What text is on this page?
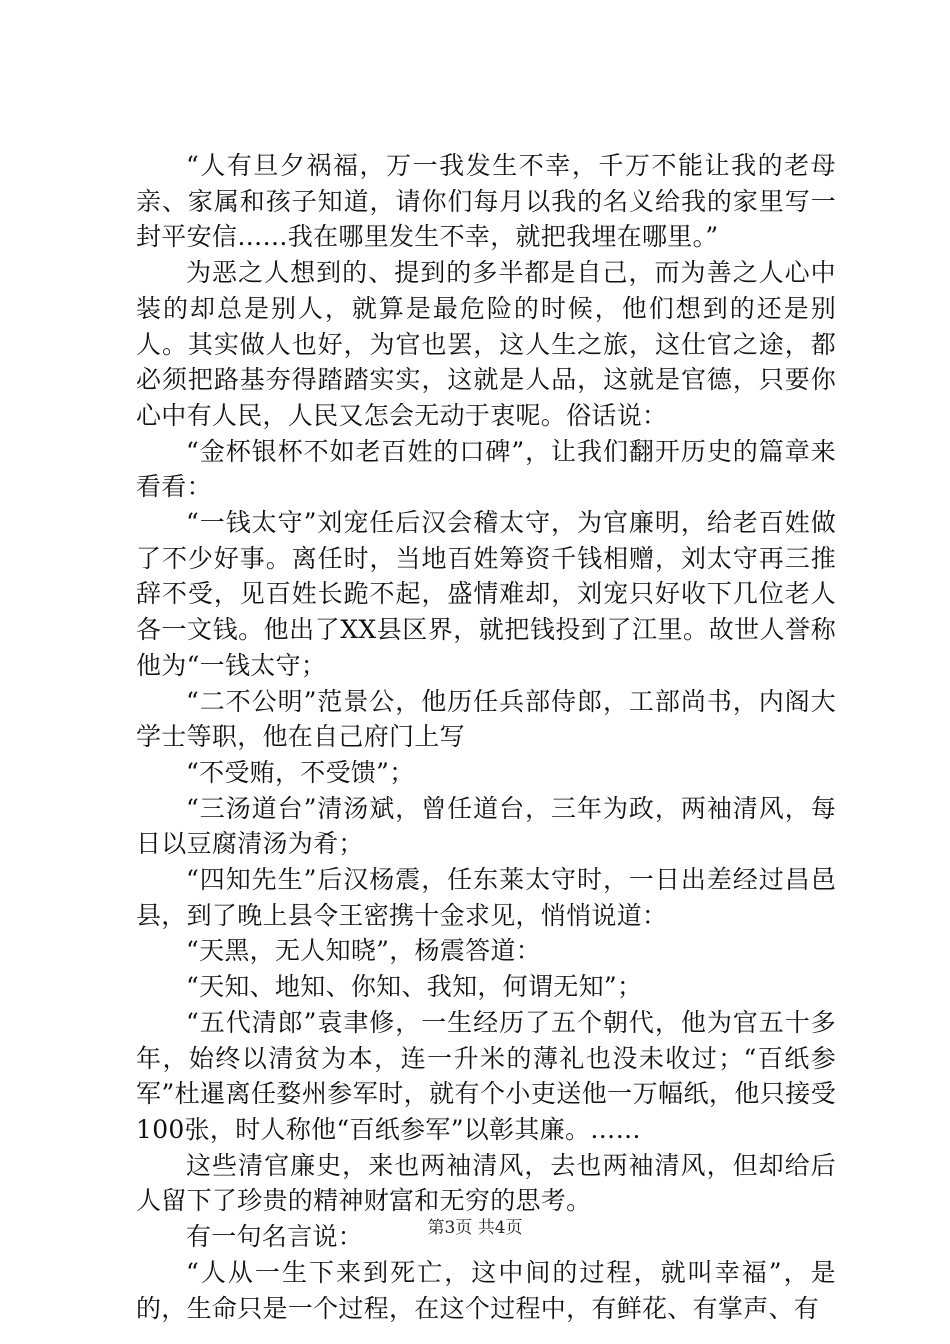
“人有旦夕祸福，万一我发生不幸，千万不能让我的老母亲、家属和孩子知道，请你们每月以我的名义给我的家里写一封平安信……我在哪里发生不幸，就把我埋在哪里。”

为恶之人想到的、提到的多半都是自己，而为善之人心中装的却总是别人，就算是最危险的时候，他们想到的还是别人。其实做人也好，为官也罢，这人生之旅，这仕官之途，都必须把路基夯得踏踏实实，这就是人品，这就是官德，只要你心中有人民，人民又怎会无动于衷呢。俗话说：

“金杯银杯不如老百姓的口碑”，让我们翻开历史的篇章来看看：

“一钱太守”刘宠任后汉会稽太守，为官廉明，给老百姓做了不少好事。离任时，当地百姓筹资千钱相赠，刘太守再三推辞不受，见百姓长跪不起，盛情难却，刘宠只好收下几位老人各一文钱。他出了XX县区界，就把钱投到了江里。故世人誉称他为“一钱太守；

“二不公明”范景公，他历任兵部侍郎，工部尚书，内阁大学士等职，他在自己府门上写

“不受贿，不受馈”；

“三汤道台”清汤斌，曾任道台，三年为政，两袖清风，每日以豆腐清汤为肴；

“四知先生”后汉杨震，任东莱太守时，一日出差经过昌邑县，到了晚上县令王密携十金求见，悄悄说道：

“天黑，无人知晓”，杨震答道：

“天知、地知、你知、我知，何谓无知”；

“五代清郎”袁聿修，一生经历了五个朝代，他为官五十多年，始终以清贫为本，连一升米的薄礼也没未收过；“百纸参军”杜暹离任婺州参军时，就有个小吏送他一万幅纸，他只接受100张，时人称他“百纸参军”以彰其廉。……

这些清官廉史，来也两袖清风，去也两袖清风，但却给后人留下了珍贵的精神财富和无穷的思考。

有一句名言说：

“人从一生下来到死亡，这中间的过程，就叫幸福”，是的，生命只是一个过程，在这个过程中，有鲜花、有掌声、有

第3页 共4页
